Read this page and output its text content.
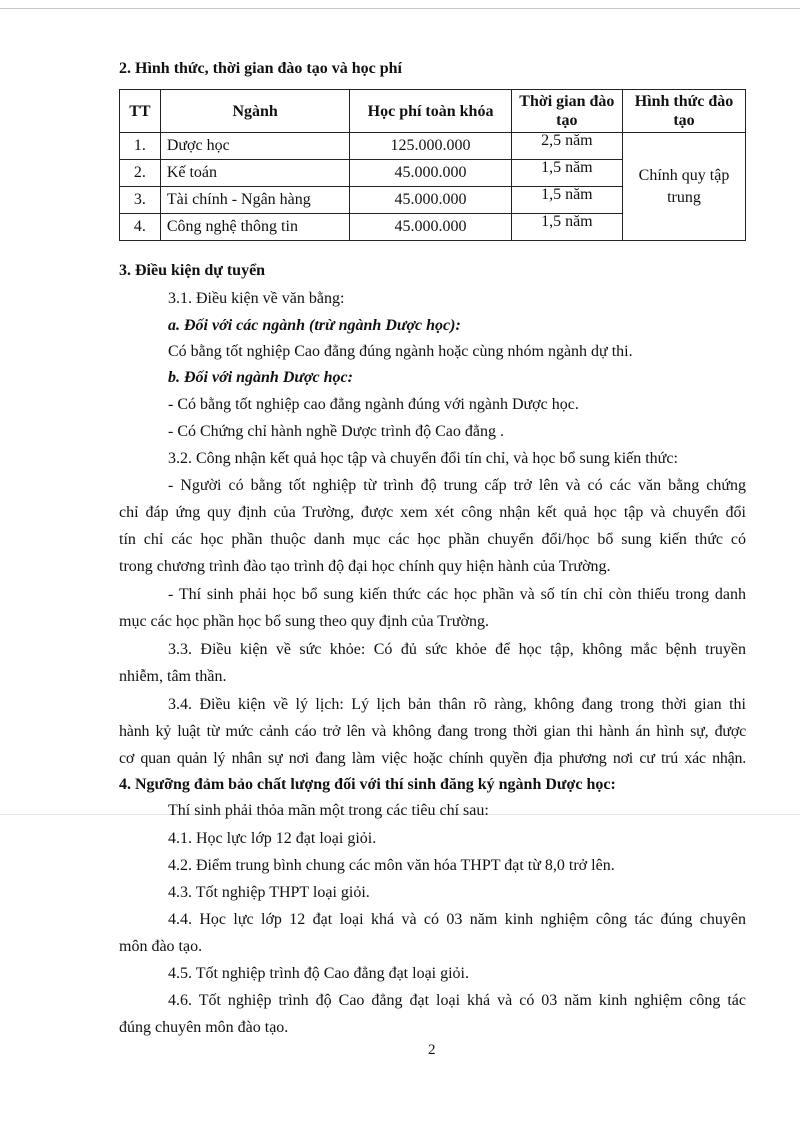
2. Hình thức, thời gian đào tạo và học phí
TT	Ngành	Học phí toàn khóa	Thời gian đào tạo	Hình thức đào tạo
1.	Dược học	125.000.000	2,5 năm	Chính quy tập trung
2.	Kế toán	45.000.000	1,5 năm	
3.	Tài chính - Ngân hàng	45.000.000	1,5 năm	
4.	Công nghệ thông tin	45.000.000	1,5 năm	
3. Điều kiện dự tuyển
3.1. Điều kiện về văn bằng:
a. Đối với các ngành (trừ ngành Dược học):
Có bằng tốt nghiệp Cao đẳng đúng ngành hoặc cùng nhóm ngành dự thi.
b. Đối với ngành Dược học:
- Có bằng tốt nghiệp cao đẳng ngành đúng với ngành Dược học.
- Có Chứng chỉ hành nghề Dược trình độ Cao đẳng .
3.2. Công nhận kết quả học tập và chuyển đổi tín chỉ, và học bổ sung kiến thức:
- Người có bằng tốt nghiệp từ trình độ trung cấp trở lên và có các văn bằng chứng
chỉ đáp ứng quy định của Trường, được xem xét công nhận kết quả học tập và chuyển đổi
tín chỉ các học phần thuộc danh mục các học phần chuyển đổi/học bổ sung kiến thức có
trong chương trình đào tạo trình độ đại học chính quy hiện hành của Trường.
- Thí sinh phải học bổ sung kiến thức các học phần và số tín chỉ còn thiếu trong danh
mục các học phần học bổ sung theo quy định của Trường.
3.3. Điều kiện về sức khỏe: Có đủ sức khỏe để học tập, không mắc bệnh truyền
nhiễm, tâm thần.
3.4. Điều kiện về lý lịch: Lý lịch bản thân rõ ràng, không đang trong thời gian thi
hành kỷ luật từ mức cảnh cáo trở lên và không đang trong thời gian thi hành án hình sự, được
cơ quan quản lý nhân sự nơi đang làm việc hoặc chính quyền địa phương nơi cư trú xác nhận.
4. Ngưỡng đảm bảo chất lượng đối với thí sinh đăng ký ngành Dược học:
Thí sinh phải thỏa mãn một trong các tiêu chí sau:
4.1. Học lực lớp 12 đạt loại giỏi.
4.2. Điểm trung bình chung các môn văn hóa THPT đạt từ 8,0 trở lên.
4.3. Tốt nghiệp THPT loại giỏi.
4.4. Học lực lớp 12 đạt loại khá và có 03 năm kinh nghiệm công tác đúng chuyên
môn đào tạo.
4.5. Tốt nghiệp trình độ Cao đẳng đạt loại giỏi.
4.6. Tốt nghiệp trình độ Cao đẳng đạt loại khá và có 03 năm kinh nghiệm công tác
đúng chuyên môn đào tạo.
2
